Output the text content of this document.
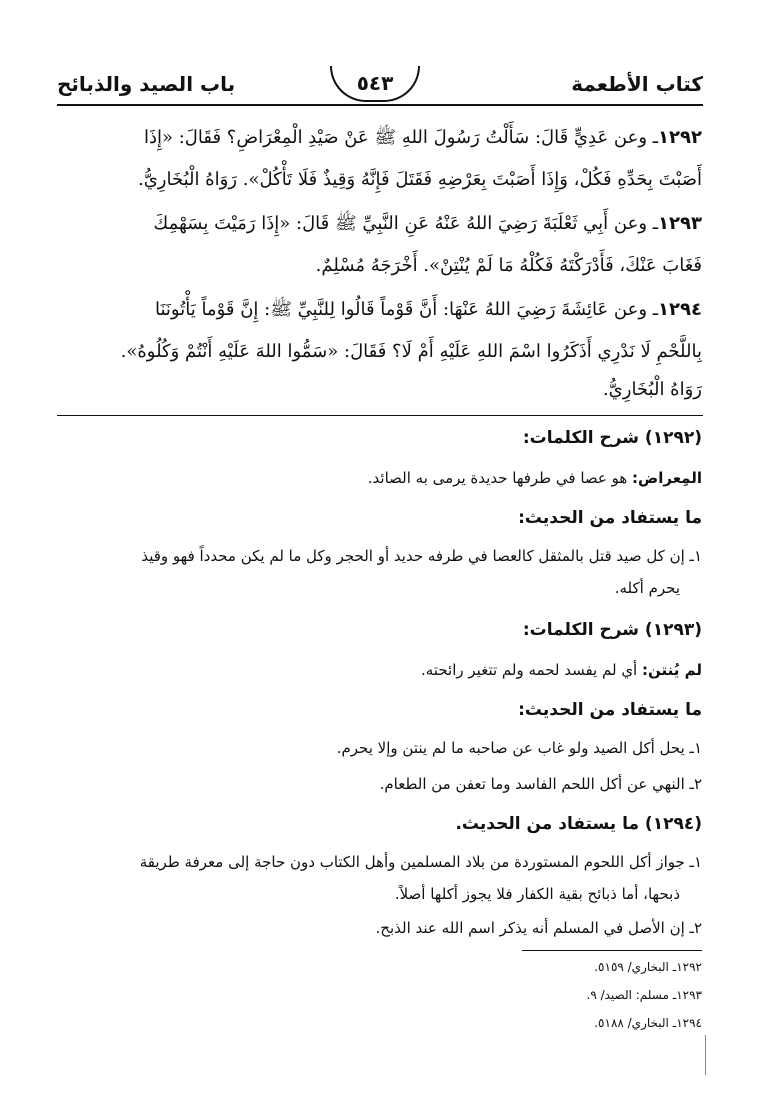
كتاب الأطعمة
٥٤٣
باب الصيد والذبائح
١٢٩٢ـ وعن عَدِيٍّ قَالَ: سَأَلْتُ رَسُولَ اللهِ ﷺ عَنْ صَيْدِ الْمِعْرَاضِ؟ فَقَالَ: «إِذَا
أَصَبْتَ بِحَدِّهِ فَكُلْ، وَإِذَا أَصَبْتَ بِعَرْضِهِ فَقَتَلَ فَإِنَّهُ وَقِيذٌ فَلَا تَأْكُلْ». رَوَاهُ الْبُخَارِيُّ.
١٢٩٣ـ وعن أَبِي ثَعْلَبَةَ رَضِيَ اللهُ عَنْهُ عَنِ النَّبِيِّ ﷺ قَالَ: «إِذَا رَمَيْتَ بِسَهْمِكَ
فَغَابَ عَنْكَ، فَأَدْرَكْتَهُ فَكُلْهُ مَا لَمْ يُنْتِنْ». أَخْرَجَهُ مُسْلِمٌ.
١٢٩٤ـ وعن عَائِشَةَ رَضِيَ اللهُ عَنْهَا: أَنَّ قَوْماً قَالُوا لِلنَّبِيِّ ﷺ: إِنَّ قَوْماً يَأْتُونَنَا
بِاللَّحْمِ لَا نَدْرِي أَذَكَرُوا اسْمَ اللهِ عَلَيْهِ أَمْ لَا؟ فَقَالَ: «سَمُّوا اللهَ عَلَيْهِ أَنْتُمْ وَكُلُوهُ».
رَوَاهُ الْبُخَارِيُّ.
(١٢٩٢) شرح الكلمات:
المِعراض: هو عصا في طرفها حديدة يرمى به الصائد.
ما يستفاد من الحديث:
١ـ إن كل صيد قتل بالمثقل كالعصا في طرفه حديد أو الحجر وكل ما لم يكن محدداً فهو وقيذ
يحرم أكله.
(١٢٩٣) شرح الكلمات:
لم يُنتن: أي لم يفسد لحمه ولم تتغير رائحته.
ما يستفاد من الحديث:
١ـ يحل أكل الصيد ولو غاب عن صاحبه ما لم ينتن وإلا يحرم.
٢ـ النهي عن أكل اللحم الفاسد وما تعفن من الطعام.
(١٢٩٤) ما يستفاد من الحديث.
١ـ جواز أكل اللحوم المستوردة من بلاد المسلمين وأهل الكتاب دون حاجة إلى معرفة طريقة
ذبحها، أما ذبائح بقية الكفار فلا يجوز أكلها أصلاً.
٢ـ إن الأصل في المسلم أنه يذكر اسم الله عند الذبح.
١٢٩٢ـ البخاري/ ٥١٥٩.
١٢٩٣ـ مسلم: الصيد/ ٩.
١٢٩٤ـ البخاري/ ٥١٨٨.
